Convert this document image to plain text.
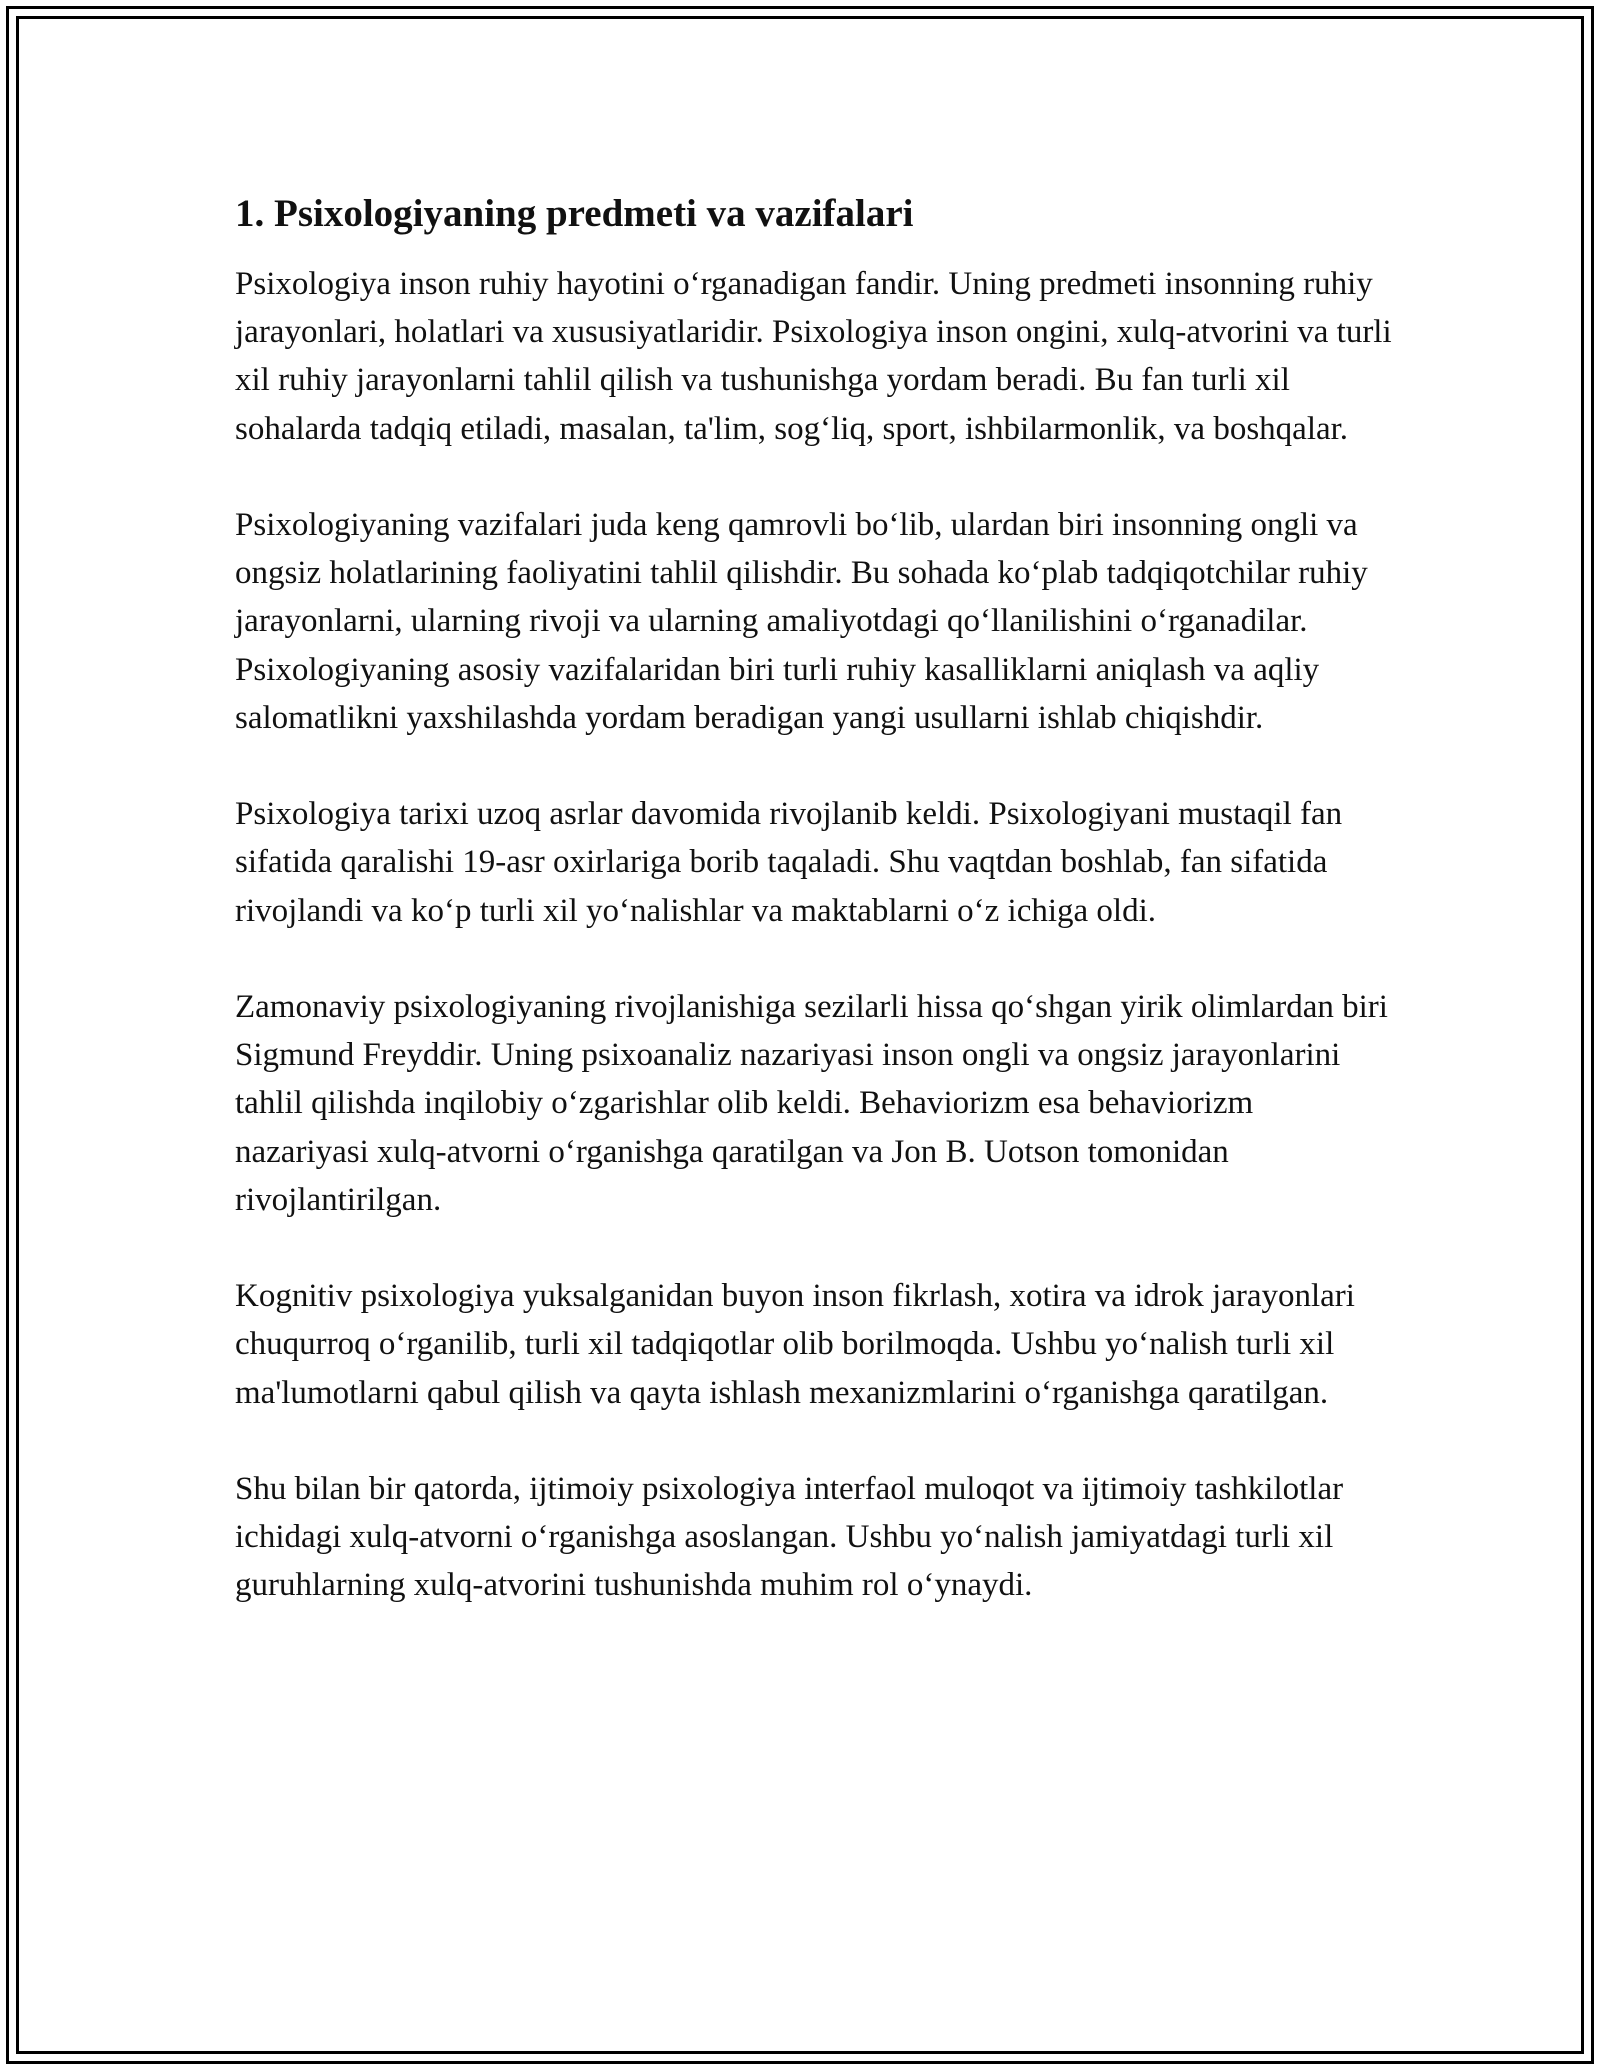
1. Psixologiyaning predmeti va vazifalari

Psixologiya inson ruhiy hayotini o‘rganadigan fandir. Uning predmeti insonning ruhiy jarayonlari, holatlari va xususiyatlaridir. Psixologiya inson ongini, xulq-atvorini va turli xil ruhiy jarayonlarni tahlil qilish va tushunishga yordam beradi. Bu fan turli xil sohalarda tadqiq etiladi, masalan, ta'lim, sog‘liq, sport, ishbilarmonlik, va boshqalar.

Psixologiyaning vazifalari juda keng qamrovli bo‘lib, ulardan biri insonning ongli va ongsiz holatlarining faoliyatini tahlil qilishdir. Bu sohada ko‘plab tadqiqotchilar ruhiy jarayonlarni, ularning rivoji va ularning amaliyotdagi qo‘llanilishini o‘rganadilar. Psixologiyaning asosiy vazifalaridan biri turli ruhiy kasalliklarni aniqlash va aqliy salomatlikni yaxshilashda yordam beradigan yangi usullarni ishlab chiqishdir.

Psixologiya tarixi uzoq asrlar davomida rivojlanib keldi. Psixologiyani mustaqil fan sifatida qaralishi 19-asr oxirlariga borib taqaladi. Shu vaqtdan boshlab, fan sifatida rivojlandi va ko‘p turli xil yo‘nalishlar va maktablarni o‘z ichiga oldi.

Zamonaviy psixologiyaning rivojlanishiga sezilarli hissa qo‘shgan yirik olimlardan biri Sigmund Freyddir. Uning psixoanaliz nazariyasi inson ongli va ongsiz jarayonlarini tahlil qilishda inqilobiy o‘zgarishlar olib keldi. Behaviorizm esa behaviorizm nazariyasi xulq-atvorni o‘rganishga qaratilgan va Jon B. Uotson tomonidan rivojlantirilgan.

Kognitiv psixologiya yuksalganidan buyon inson fikrlash, xotira va idrok jarayonlari chuqurroq o‘rganilib, turli xil tadqiqotlar olib borilmoqda. Ushbu yo‘nalish turli xil ma'lumotlarni qabul qilish va qayta ishlash mexanizmlarini o‘rganishga qaratilgan.

Shu bilan bir qatorda, ijtimoiy psixologiya interfaol muloqot va ijtimoiy tashkilotlar ichidagi xulq-atvorni o‘rganishga asoslangan. Ushbu yo‘nalish jamiyatdagi turli xil guruhlarning xulq-atvorini tushunishda muhim rol o‘ynaydi.
